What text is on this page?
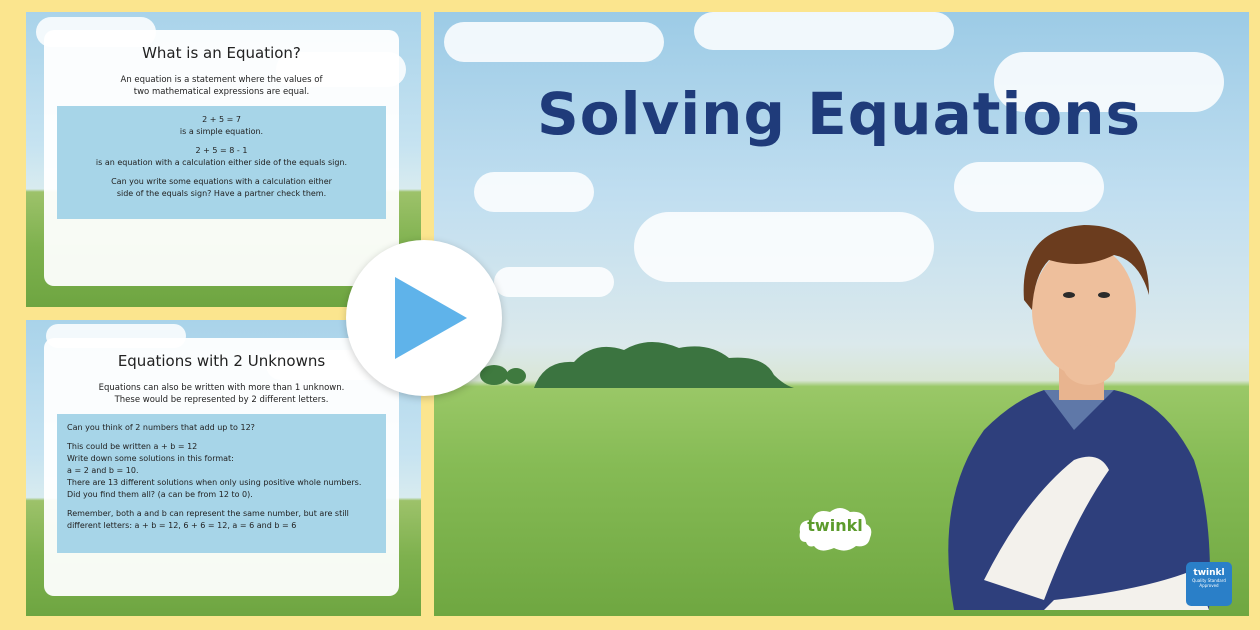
What is an Equation?
An equation is a statement where the values of
two mathematical expressions are equal.
2 + 5 = 7
is a simple equation.
2 + 5 = 8 - 1
is an equation with a calculation either side of the equals sign.
Can you write some equations with a calculation either
side of the equals sign? Have a partner check them.
Equations with 2 Unknowns
Equations can also be written with more than 1 unknown.
These would be represented by 2 different letters.
Can you think of 2 numbers that add up to 12?
This could be written a + b = 12
Write down some solutions in this format:
a = 2 and b = 10.
There are 13 different solutions when only using positive whole numbers.
Did you find them all? (a can be from 12 to 0).
Remember, both a and b can represent the same number, but are still
different letters: a + b = 12, 6 + 6 = 12, a = 6 and b = 6
Solving Equations
twinkl
twinkl
Quality Standard Approved
